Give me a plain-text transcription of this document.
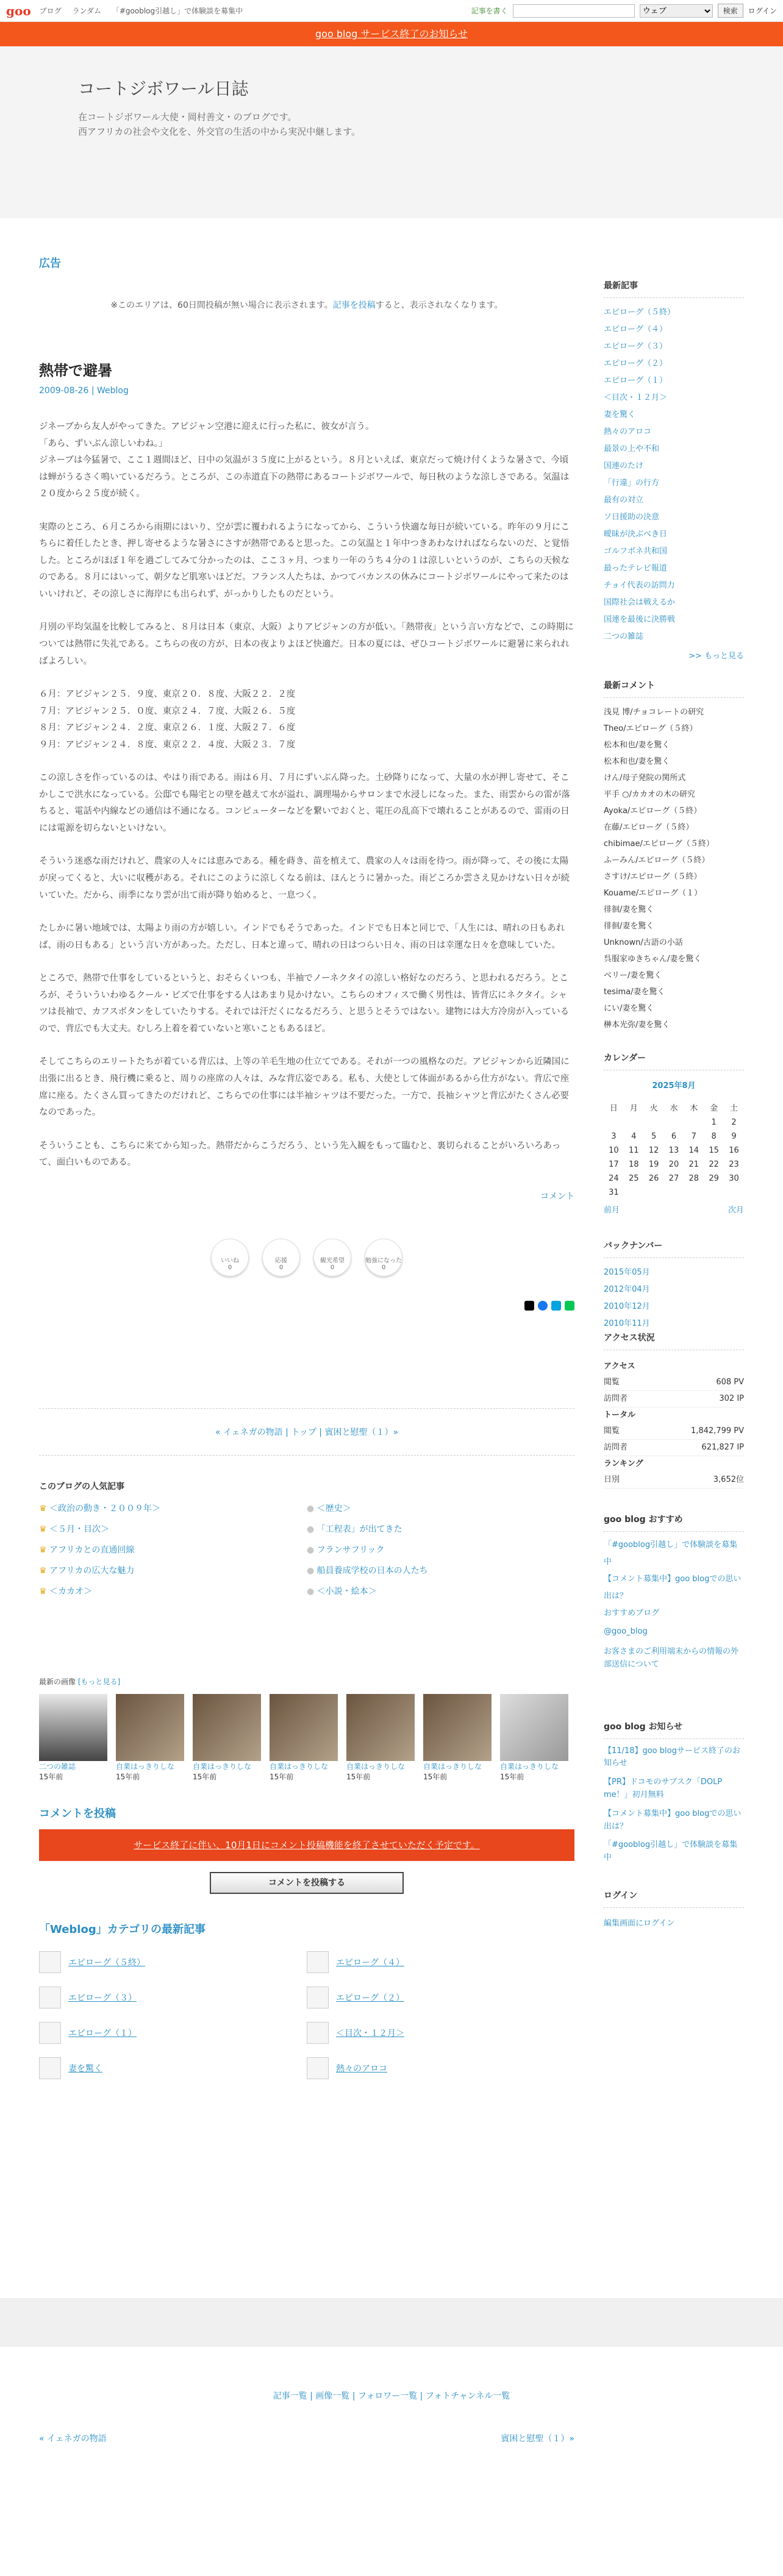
goo ブログ ランダム 「#gooblog引越し」で体験談を募集中	記事を書く
ウェブ	検索	ログイン
goo blog サービス終了のお知らせ
コートジボワール日誌

在コートジボワール大使・岡村善文・のブログです。
西アフリカの社会や文化を、外交官の生活の中から実況中継します。

広告
※このエリアは、60日間投稿が無い場合に表示されます。記事を投稿すると、表示されなくなります。
熱帯で避暑
2009-08-26 | Weblog

ジネーブから友人がやってきた。アビジャン空港に迎えに行った私に、彼女が言う。
「あら、ずいぶん涼しいわね。」
ジネーブは今猛暑で、ここ１週間ほど、日中の気温が３５度に上がるという。８月といえば、東京だって焼け付くような暑さで、今頃は蝉がうるさく鳴いているだろう。ところが、この赤道直下の熱帯にあるコートジボワールで、毎日秋のような涼しさである。気温は２０度から２５度が続く。

実際のところ、６月ころから雨期にはいり、空が雲に覆われるようになってから、こういう快適な毎日が続いている。昨年の９月にこちらに着任したとき、押し寄せるような暑さにさすが熱帯であると思った。この気温と１年中つきあわなければならないのだ、と覚悟した。ところがほぼ１年を過ごしてみて分かったのは、ここ３ヶ月、つまり一年のうち４分の１は涼しいというのが、こちらの天候なのである。８月にはいって、朝夕など肌寒いほどだ。フランス人たちは、かつてバカンスの休みにコートジボワールにやって来たのはいいけれど、その涼しさに海岸にも出られず、がっかりしたものだという。

月別の平均気温を比較してみると、８月は日本（東京、大阪）よりアビジャンの方が低い。「熱帯夜」という言い方などで、この時期については熱帯に失礼である。こちらの夜の方が、日本の夜よりよほど快適だ。日本の夏には、ぜひコートジボワールに避暑に来られればよろしい。

６月：アビジャン２５．９度、東京２０．８度、大阪２２．２度
７月：アビジャン２５．０度、東京２４．７度、大阪２６．５度
８月：アビジャン２４．２度、東京２６．１度、大阪２７．６度
９月：アビジャン２４．８度、東京２２．４度、大阪２３．７度

この涼しさを作っているのは、やはり雨である。雨は６月、７月にずいぶん降った。土砂降りになって、大量の水が押し寄せて、そこかしこで洪水になっている。公邸でも陽宅との壁を越えて水が溢れ、調理場からサロンまで水浸しになった。また、雨雲からの雷が落ちると、電話や内線などの通信は不通になる。コンピューターなどを繋いでおくと、電圧の乱高下で壊れることがあるので、雷雨の日には電源を切らないといけない。

そういう迷惑な雨だけれど、農家の人々には恵みである。種を蒔き、苗を植えて、農家の人々は雨を待つ。雨が降って、その後に太陽が戻ってくると、大いに収穫がある。それにこのように涼しくなる前は、ほんとうに暑かった。雨どころか雲さえ見かけない日々が続いていた。だから、雨季になり雲が出て雨が降り始めると、一息つく。

たしかに暑い地域では、太陽より雨の方が嬉しい。インドでもそうであった。インドでも日本と同じで、「人生には、晴れの日もあれば、雨の日もある」という言い方があった。ただし、日本と違って、晴れの日はつらい日々、雨の日は幸運な日々を意味していた。

ところで、熱帯で仕事をしているというと、おそらくいつも、半袖でノーネクタイの涼しい格好なのだろう、と思われるだろう。ところが、そういういわゆるクール・ビズで仕事をする人はあまり見かけない。こちらのオフィスで働く男性は、皆背広にネクタイ。シャツは長袖で、カフスボタンをしていたりする。それでは汗だくになるだろう、と思うとそうではない。建物には大方冷房が入っているので、背広でも大丈夫。むしろ上着を着ていないと寒いこともあるほど。

そしてこちらのエリートたちが着ている背広は、上等の羊毛生地の仕立てである。それが一つの風格なのだ。アビジャンから近隣国に出張に出るとき、飛行機に乗ると、周りの座席の人々は、みな背広姿である。私も、大使として体面があるから仕方がない。背広で座席に座る。たくさん買ってきたのだけれど、こちらでの仕事には半袖シャツは不要だった。一方で、長袖シャツと背広がたくさん必要なのであった。

そういうことも、こちらに来てから知った。熱帯だからこうだろう、という先入観をもって臨むと、裏切られることがいろいろあって、面白いものである。

コメント
いいね
0
応援
0
観光希望
0
勉強になった
0
« イェネガの物語 | トップ | 賓困と慰聖（１）»
このブログの人気記事
♛ ＜政治の動き・２００９年＞	● ＜歴史＞
♛ ＜５月・目次＞	● 「工程表」が出てきた
♛ アフリカとの直通回線	● フランサフリック
♛ アフリカの広大な魅力	● 船員養成学校の日本の人たち
♛ ＜カカオ＞	● ＜小説・絵本＞
最新の画像 [もっと見る]
二つの雑誌
15年前
自業はっきりしな
15年前
自業はっきりしな
15年前
自業はっきりしな
15年前
自業はっきりしな
15年前
自業はっきりしな
15年前
自業はっきりしな
15年前
コメントを投稿
サービス終了に伴い、10月1日にコメント投稿機能を終了させていただく予定です。
コメントを投稿する
「Weblog」カテゴリの最新記事
エピローグ（５終）	エピローグ（４）
エピローグ（３）	エピローグ（２）
エピローグ（１）	＜目次・１２月＞
妻を驚く	熱々のアロコ
最新記事
エピローグ（５終）
エピローグ（４）
エピローグ（３）
エピローグ（２）
エピローグ（１）
＜目次・１２月＞
妻を驚く
熱々のアロコ
最景の上や不和
国連のたけ
「行違」の行方
最有の対立
ソ日援助の決意
曖昧が決ぶべき日
ゴルフボネ共和国
最ったテレビ報道
チョイ代表の訪問力
国際社会は戦えるか
国連を最後に決勝戦
二つの雑誌
>> もっと見る
最新コメント
浅見 博/チョコレートの研究
Theo/エピローグ（５終）
松本和也/妻を驚く
松本和也/妻を驚く
けん/母子発院の関所式
平手 ○/カカオの木の研究
Ayoka/エピローグ（５終）
在藤/エピローグ（５終）
chibimae/エピローグ（５終）
ふーみん/エピローグ（５終）
さすけ/エピローグ（５終）
Kouame/エピローグ（１）
徘徊/妻を驚く
徘徊/妻を驚く
Unknown/古語の小話
呉服家ゆきちゃん/妻を驚く
ベリー/妻を驚く
tesima/妻を驚く
にい/妻を驚く
榊本光弥/妻を驚く
カレンダー
2025年8月
日	月	火	水	木	金	土
					1	2
3	4	5	6	7	8	9
10	11	12	13	14	15	16
17	18	19	20	21	22	23
24	25	26	27	28	29	30
31						
前月	次月
バックナンバー
2015年05月
2012年04月
2010年12月
2010年11月
アクセス状況
アクセス
閲覧	608 PV
訪問者	302 IP
トータル
閲覧	1,842,799 PV
訪問者	621,827 IP
ランキング
日別	3,652位
goo blog おすすめ
「#gooblog引越し」で体験談を募集中
【コメント募集中】goo blogでの思い出は？
おすすめブログ
@goo_blog
お客さまのご利用端末からの情報の外部送信について
goo blog お知らせ
【11/18】goo blogサービス終了のお知らせ
【PR】ドコモのサブスク「DOLP me！」初月無料
【コメント募集中】goo blogでの思い出は？
「#gooblog引越し」で体験談を募集中
ログイン
編集画面にログイン
記事一覧 | 画像一覧 | フォロワー一覧 | フォトチャンネル一覧
« イェネガの物語	賓困と慰聖（１）»
